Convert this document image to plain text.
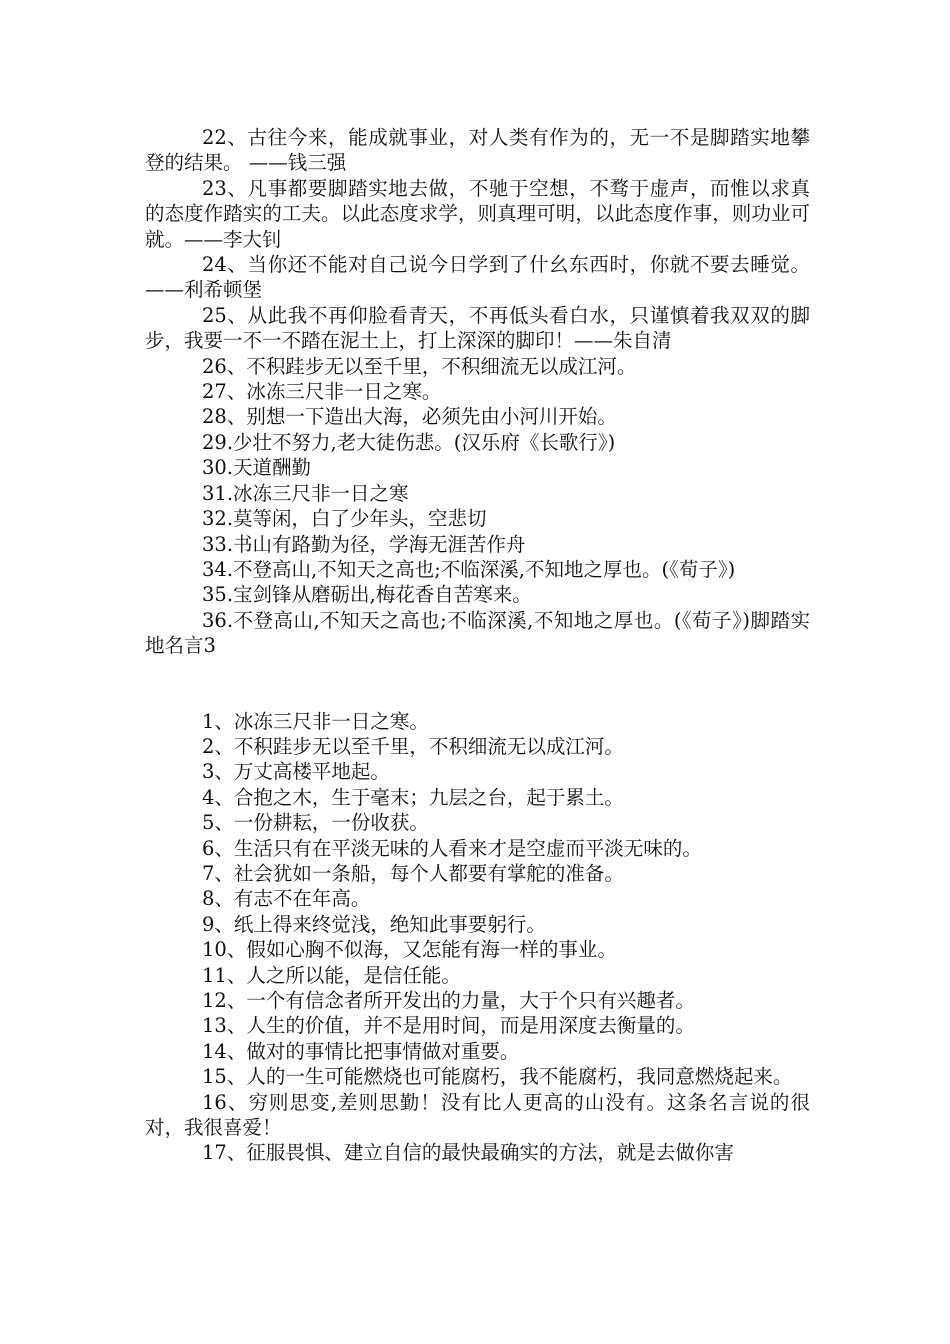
22、古往今来，能成就事业，对人类有作为的，无一不是脚踏实地攀登的结果。 ——钱三强

23、凡事都要脚踏实地去做，不驰于空想，不骛于虚声，而惟以求真的态度作踏实的工夫。以此态度求学，则真理可明，以此态度作事，则功业可就。——李大钊

24、当你还不能对自己说今日学到了什幺东西时，你就不要去睡觉。 ——利希顿堡

25、从此我不再仰脸看青天，不再低头看白水，只谨慎着我双双的脚步，我要一不一不踏在泥土上，打上深深的脚印！——朱自清

26、不积跬步无以至千里，不积细流无以成江河。

27、冰冻三尺非一日之寒。

28、别想一下造出大海，必须先由小河川开始。

29.少壮不努力,老大徒伤悲。(汉乐府《长歌行》)

30.天道酬勤

31.冰冻三尺非一日之寒

32.莫等闲，白了少年头，空悲切

33.书山有路勤为径，学海无涯苦作舟

34.不登高山,不知天之高也;不临深溪,不知地之厚也。(《荀子》)

35.宝剑锋从磨砺出,梅花香自苦寒来。

36.不登高山,不知天之高也;不临深溪,不知地之厚也。(《荀子》)脚踏实地名言3

1、冰冻三尺非一日之寒。

2、不积跬步无以至千里，不积细流无以成江河。

3、万丈高楼平地起。

4、合抱之木，生于毫末；九层之台，起于累土。

5、一份耕耘，一份收获。

6、生活只有在平淡无味的人看来才是空虚而平淡无味的。

7、社会犹如一条船，每个人都要有掌舵的准备。

8、有志不在年高。

9、纸上得来终觉浅，绝知此事要躬行。

10、假如心胸不似海，又怎能有海一样的事业。

11、人之所以能，是信任能。

12、一个有信念者所开发出的力量，大于个只有兴趣者。

13、人生的价值，并不是用时间，而是用深度去衡量的。

14、做对的事情比把事情做对重要。

15、人的一生可能燃烧也可能腐朽，我不能腐朽，我同意燃烧起来。

16、穷则思变,差则思勤！没有比人更高的山没有。这条名言说的很对，我很喜爱！

17、征服畏惧、建立自信的最快最确实的方法，就是去做你害
